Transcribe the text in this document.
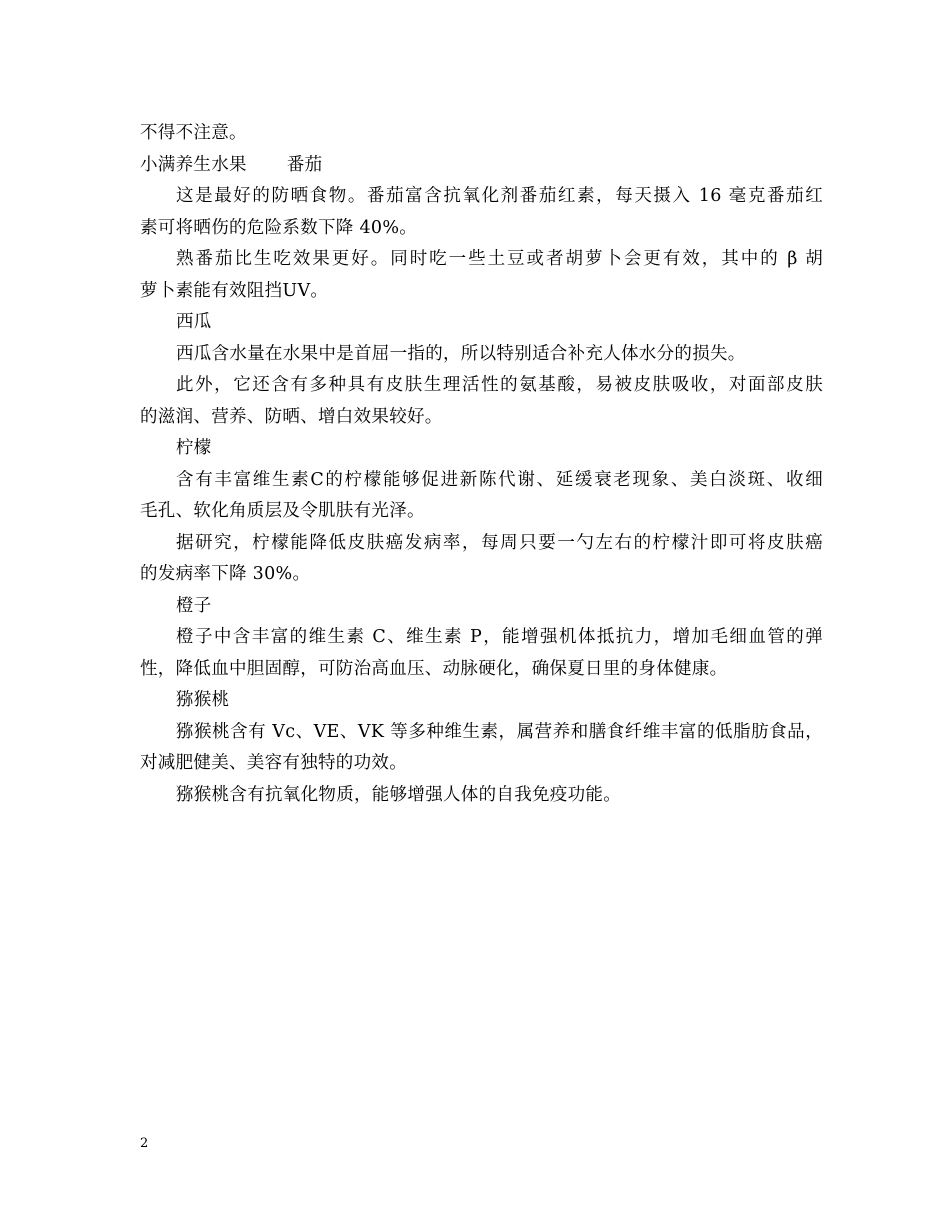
不得不注意。
小满养生水果 番茄
这是最好的防晒食物。番茄富含抗氧化剂番茄红素，每天摄入 16 毫克番茄红
素可将晒伤的危险系数下降 40%。
熟番茄比生吃效果更好。同时吃一些土豆或者胡萝卜会更有效，其中的 β 胡
萝卜素能有效阻挡UV。
西瓜
西瓜含水量在水果中是首屈一指的，所以特别适合补充人体水分的损失。
此外，它还含有多种具有皮肤生理活性的氨基酸，易被皮肤吸收，对面部皮肤
的滋润、营养、防晒、增白效果较好。
柠檬
含有丰富维生素C的柠檬能够促进新陈代谢、延缓衰老现象、美白淡斑、收细
毛孔、软化角质层及令肌肤有光泽。
据研究，柠檬能降低皮肤癌发病率，每周只要一勺左右的柠檬汁即可将皮肤癌
的发病率下降 30%。
橙子
橙子中含丰富的维生素 C、维生素 P，能增强机体抵抗力，增加毛细血管的弹
性，降低血中胆固醇，可防治高血压、动脉硬化，确保夏日里的身体健康。
猕猴桃
猕猴桃含有 Vc、VE、VK 等多种维生素，属营养和膳食纤维丰富的低脂肪食品，
对减肥健美、美容有独特的功效。
猕猴桃含有抗氧化物质，能够增强人体的自我免疫功能。
2
